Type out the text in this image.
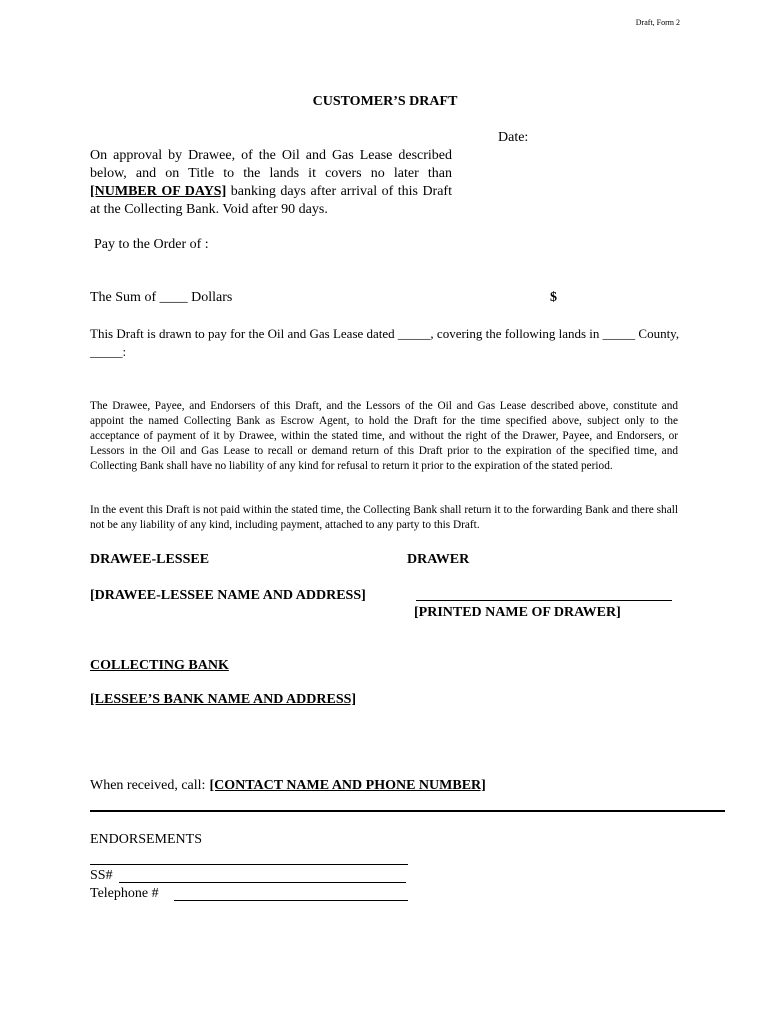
Draft, Form 2
CUSTOMER’S DRAFT
Date:
On approval by Drawee, of the Oil and Gas Lease described below, and on Title to the lands it covers no later than [NUMBER OF DAYS] banking days after arrival of this Draft at the Collecting Bank. Void after 90 days.
Pay to the Order of :
The Sum of ____ Dollars	$
This Draft is drawn to pay for the Oil and Gas Lease dated _____, covering the following lands in _____ County, _____:
The Drawee, Payee, and Endorsers of this Draft, and the Lessors of the Oil and Gas Lease described above, constitute and appoint the named Collecting Bank as Escrow Agent, to hold the Draft for the time specified above, subject only to the acceptance of payment of it by Drawee, within the stated time, and without the right of the Drawer, Payee, and Endorsers, or Lessors in the Oil and Gas Lease to recall or demand return of this Draft prior to the expiration of the specified time, and Collecting Bank shall have no liability of any kind for refusal to return it prior to the expiration of the stated period.
In the event this Draft is not paid within the stated time, the Collecting Bank shall return it to the forwarding Bank and there shall not be any liability of any kind, including payment, attached to any party to this Draft.
DRAWEE-LESSEE	DRAWER
[DRAWEE-LESSEE NAME AND ADDRESS]
[PRINTED NAME OF DRAWER]
COLLECTING BANK
[LESSEE’S BANK NAME AND ADDRESS]
When received, call: [CONTACT NAME AND PHONE NUMBER]
ENDORSEMENTS
SS#
Telephone #
